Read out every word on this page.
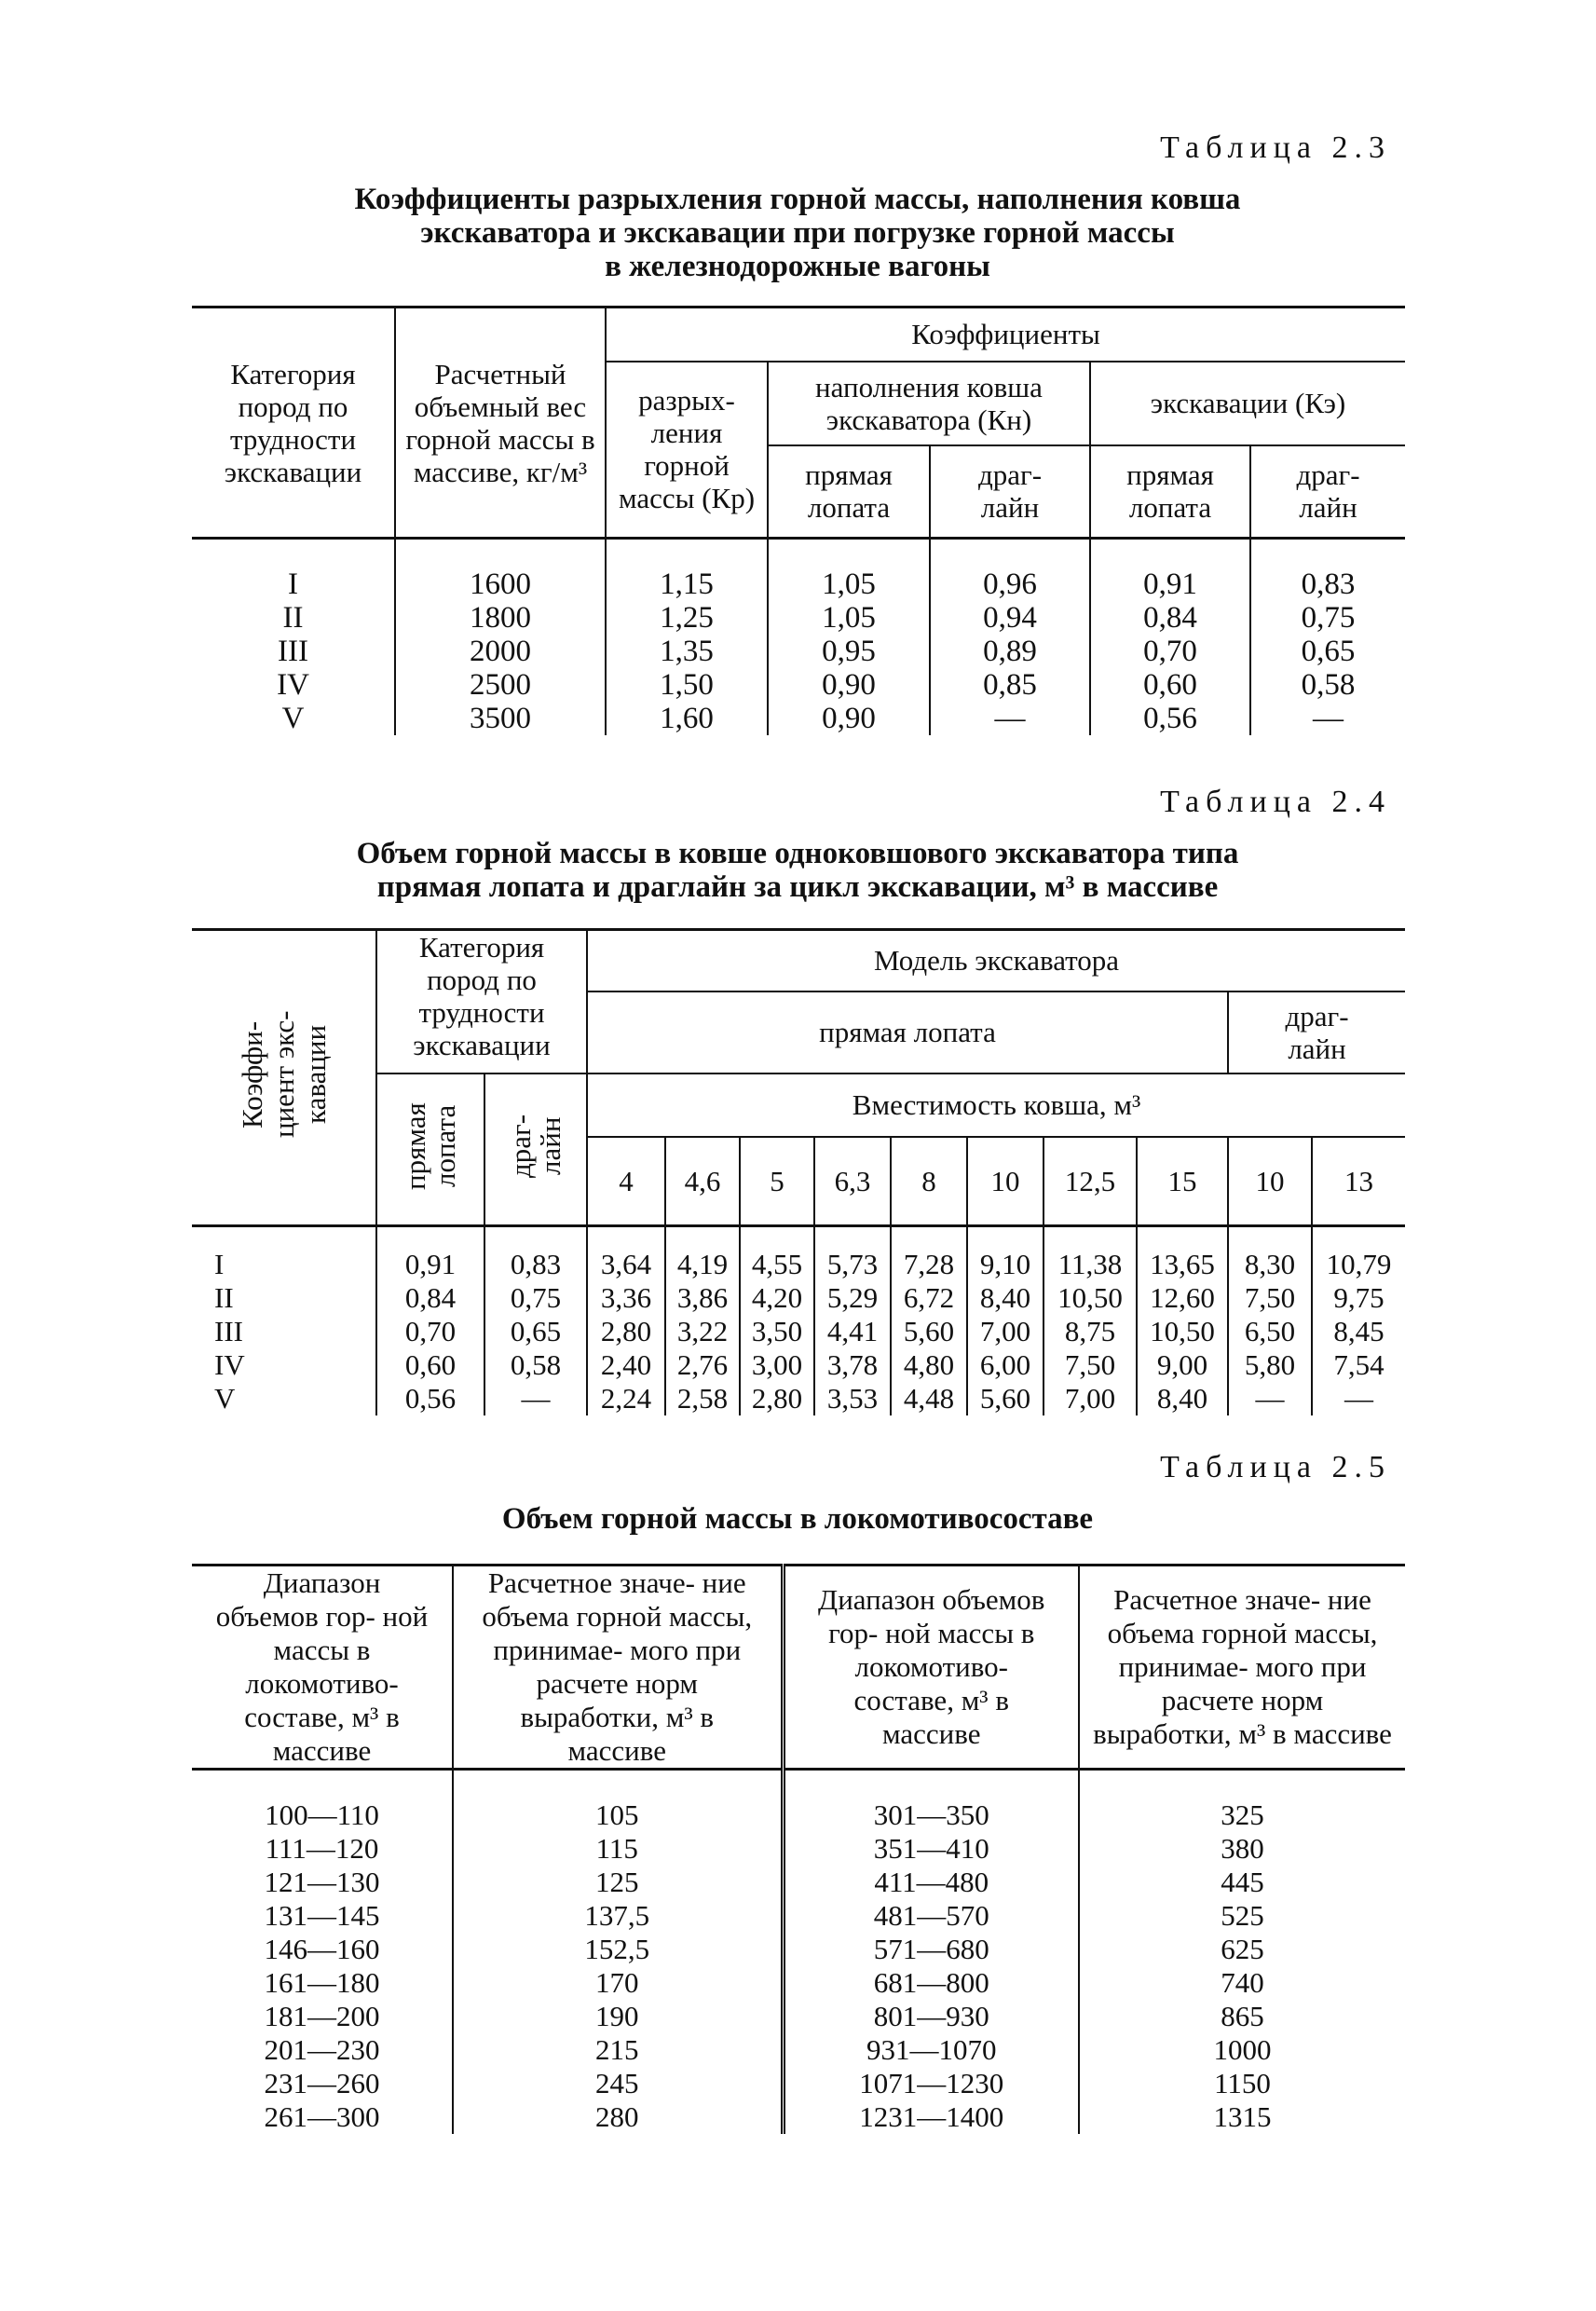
Таблица 2.3
Коэффициенты разрыхления горной массы, наполнения ковша
экскаватора и экскавации при погрузке горной массы
в железнодорожные вагоны
Категория пород по трудности экскавации	Расчетный объемный вес горной массы в массиве, кг/м³	Коэффициенты				
		разрых- ления горной массы (Кр)	наполнения ковша экскаватора (Кн)		экскавации (Кэ)	
			прямая лопата	драг- лайн	прямая лопата	драг- лайн
I	1600	1,15	1,05	0,96	0,91	0,83
II	1800	1,25	1,05	0,94	0,84	0,75
III	2000	1,35	0,95	0,89	0,70	0,65
IV	2500	1,50	0,90	0,85	0,60	0,58
V	3500	1,60	0,90	—	0,56	—
Таблица 2.4
Объем горной массы в ковше одноковшового экскаватора типа
прямая лопата и драглайн за цикл экскавации, м³ в массиве
Коэффи- циент экс- кавации	Категория пород по трудности экскавации		Модель экскаватора									
			прямая лопата								драг- лайн	
	прямая лопата	драг- лайн	Вместимость ковша, м³									
			4	4,6	5	6,3	8	10	12,5	15	10	13
I	0,91	0,83	3,64	4,19	4,55	5,73	7,28	9,10	11,38	13,65	8,30	10,79
II	0,84	0,75	3,36	3,86	4,20	5,29	6,72	8,40	10,50	12,60	7,50	9,75
III	0,70	0,65	2,80	3,22	3,50	4,41	5,60	7,00	8,75	10,50	6,50	8,45
IV	0,60	0,58	2,40	2,76	3,00	3,78	4,80	6,00	7,50	9,00	5,80	7,54
V	0,56	—	2,24	2,58	2,80	3,53	4,48	5,60	7,00	8,40	—	—
Таблица 2.5
Объем горной массы в локомотивосоставе
Диапазон объемов гор- ной массы в локомотиво- составе, м³ в массиве	Расчетное значе- ние объема горной массы, принимае- мого при расчете норм выработки, м³ в массиве	Диапазон объемов гор- ной массы в локомотиво- составе, м³ в массиве	Расчетное значе- ние объема горной массы, принимае- мого при расчете норм выработки, м³ в массиве
100—110	105	301—350	325
111—120	115	351—410	380
121—130	125	411—480	445
131—145	137,5	481—570	525
146—160	152,5	571—680	625
161—180	170	681—800	740
181—200	190	801—930	865
201—230	215	931—1070	1000
231—260	245	1071—1230	1150
261—300	280	1231—1400	1315
